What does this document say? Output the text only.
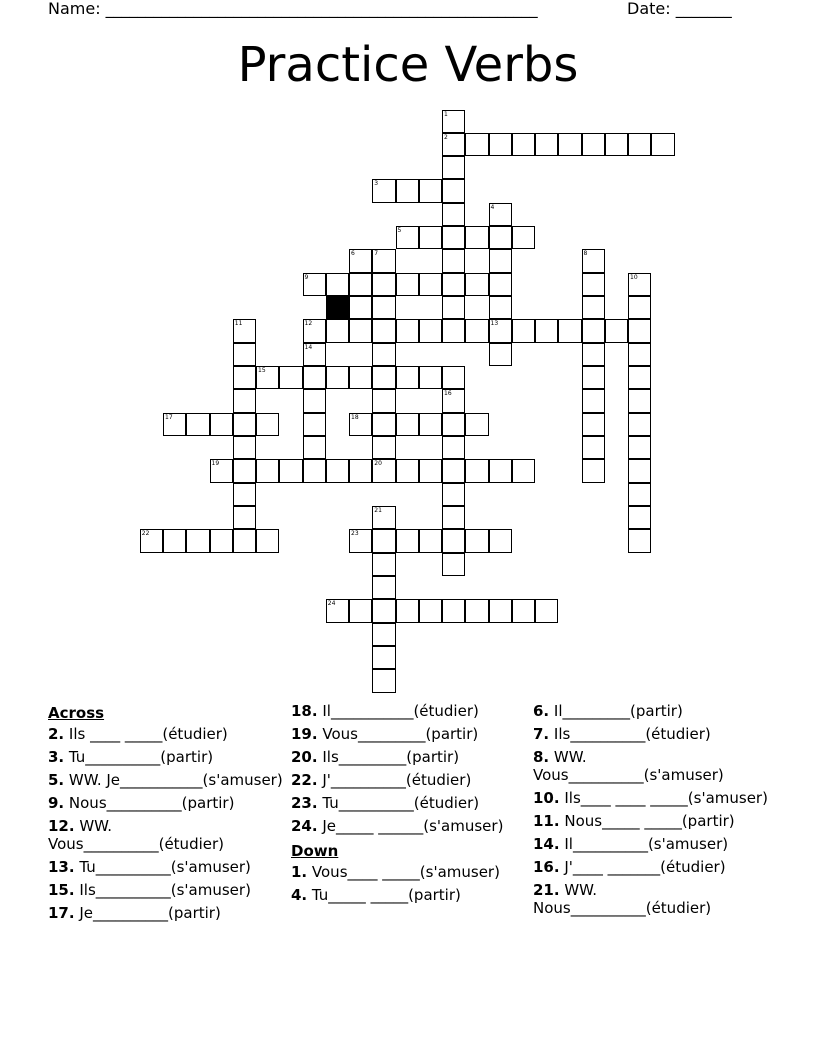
Name: ______________________________________________________	Date: _______
Practice Verbs
1
2
3
4
13
5
6	7	8
9	10
11	12
14
15
16
17	18
19	20
21
22	23
24
Across
2. Ils ____ _____(étudier)
3. Tu__________(partir)
5. WW. Je___________(s'amuser)
9. Nous__________(partir)
12. WW. Vous__________(étudier)
13. Tu__________(s'amuser)
15. Ils__________(s'amuser)
17. Je__________(partir)
18. Il___________(étudier)
19. Vous_________(partir)
20. Ils_________(partir)
22. J'__________(étudier)
23. Tu__________(étudier)
24. Je_____ ______(s'amuser)
Down
1. Vous____ _____(s'amuser)
4. Tu_____ _____(partir)
6. Il_________(partir)
7. Ils__________(étudier)
8. WW. Vous__________(s'amuser)
10. Ils____ ____ _____(s'amuser)
11. Nous_____ _____(partir)
14. Il__________(s'amuser)
16. J'____ _______(étudier)
21. WW. Nous__________(étudier)
